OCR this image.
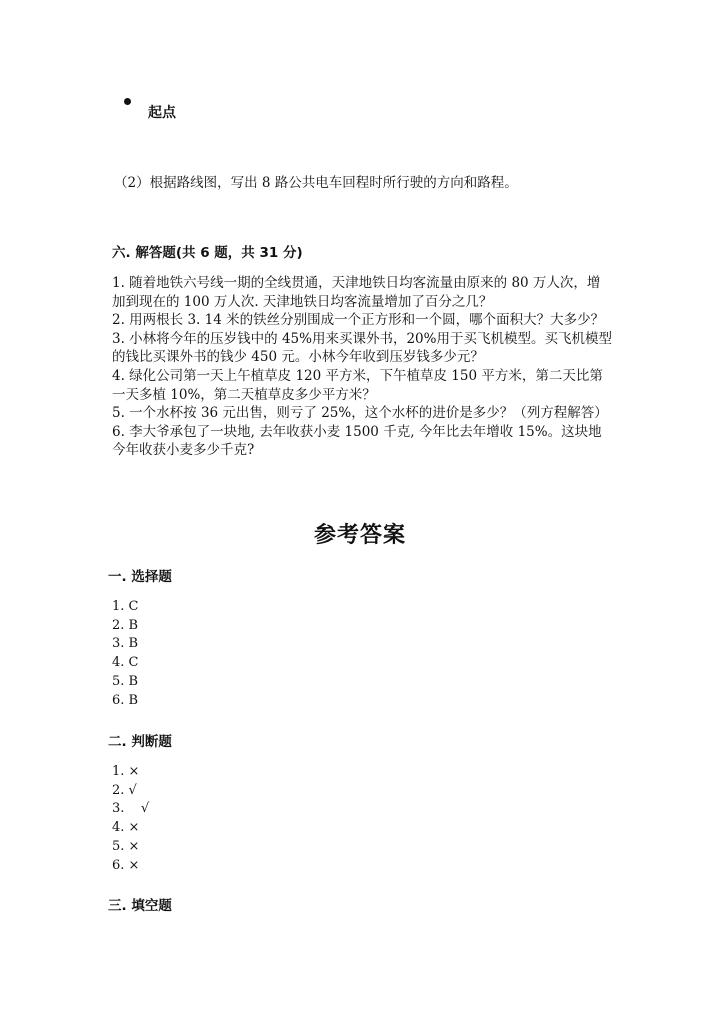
起点
（2）根据路线图，写出 8 路公共电车回程时所行驶的方向和路程。
六. 解答题(共 6 题，共 31 分)

1. 随着地铁六号线一期的全线贯通，天津地铁日均客流量由原来的 80 万人次，增加到现在的 100 万人次. 天津地铁日均客流量增加了百分之几？

2. 用两根长 3. 14 米的铁丝分别围成一个正方形和一个圆，哪个面积大？大多少？

3. 小林将今年的压岁钱中的 45%用来买课外书，20%用于买飞机模型。买飞机模型的钱比买课外书的钱少 450 元。小林今年收到压岁钱多少元？

4. 绿化公司第一天上午植草皮 120 平方米，下午植草皮 150 平方米，第二天比第一天多植 10%，第二天植草皮多少平方米？

5. 一个水杯按 36 元出售，则亏了 25%，这个水杯的进价是多少？（列方程解答）

6. 李大爷承包了一块地, 去年收获小麦 1500 千克, 今年比去年增收 15%。这块地今年收获小麦多少千克?

参考答案
一. 选择题
1. C
2. B
3. B
4. C
5. B
6. B
二. 判断题
1. ×
2. √
3.    √
4. ×
5. ×
6. ×
三. 填空题
